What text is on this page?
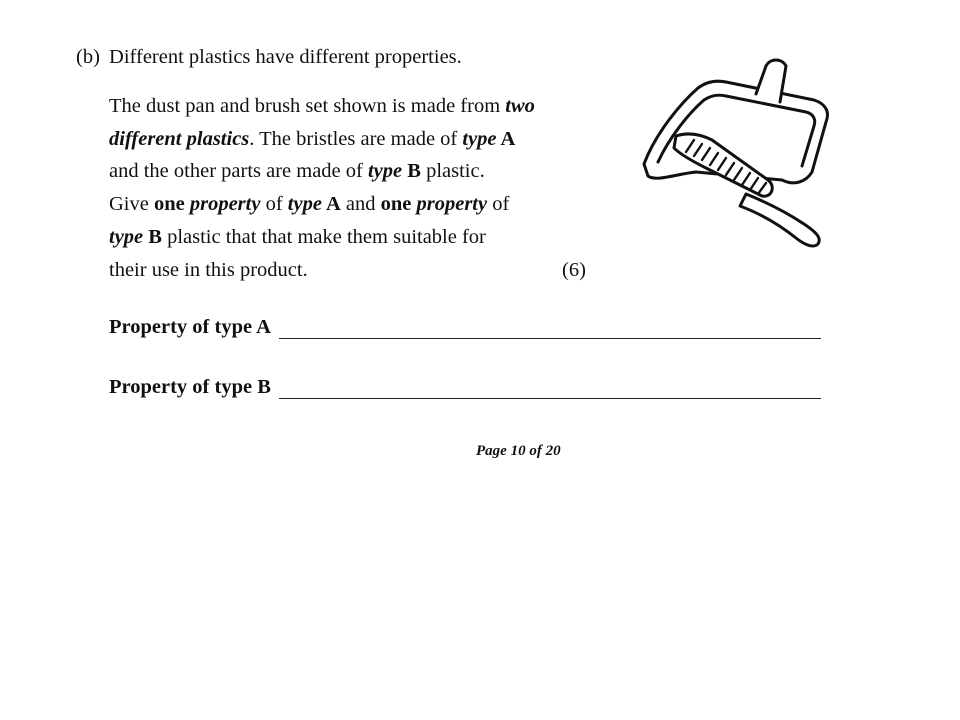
(b) Different plastics have different properties.
The dust pan and brush set shown is made from two
different plastics. The bristles are made of type A
and the other parts are made of type B plastic.
Give one property of type A and one property of
type B plastic that that make them suitable for
their use in this product.	(6)
Property of type A
Property of type B
Page 10 of 20
